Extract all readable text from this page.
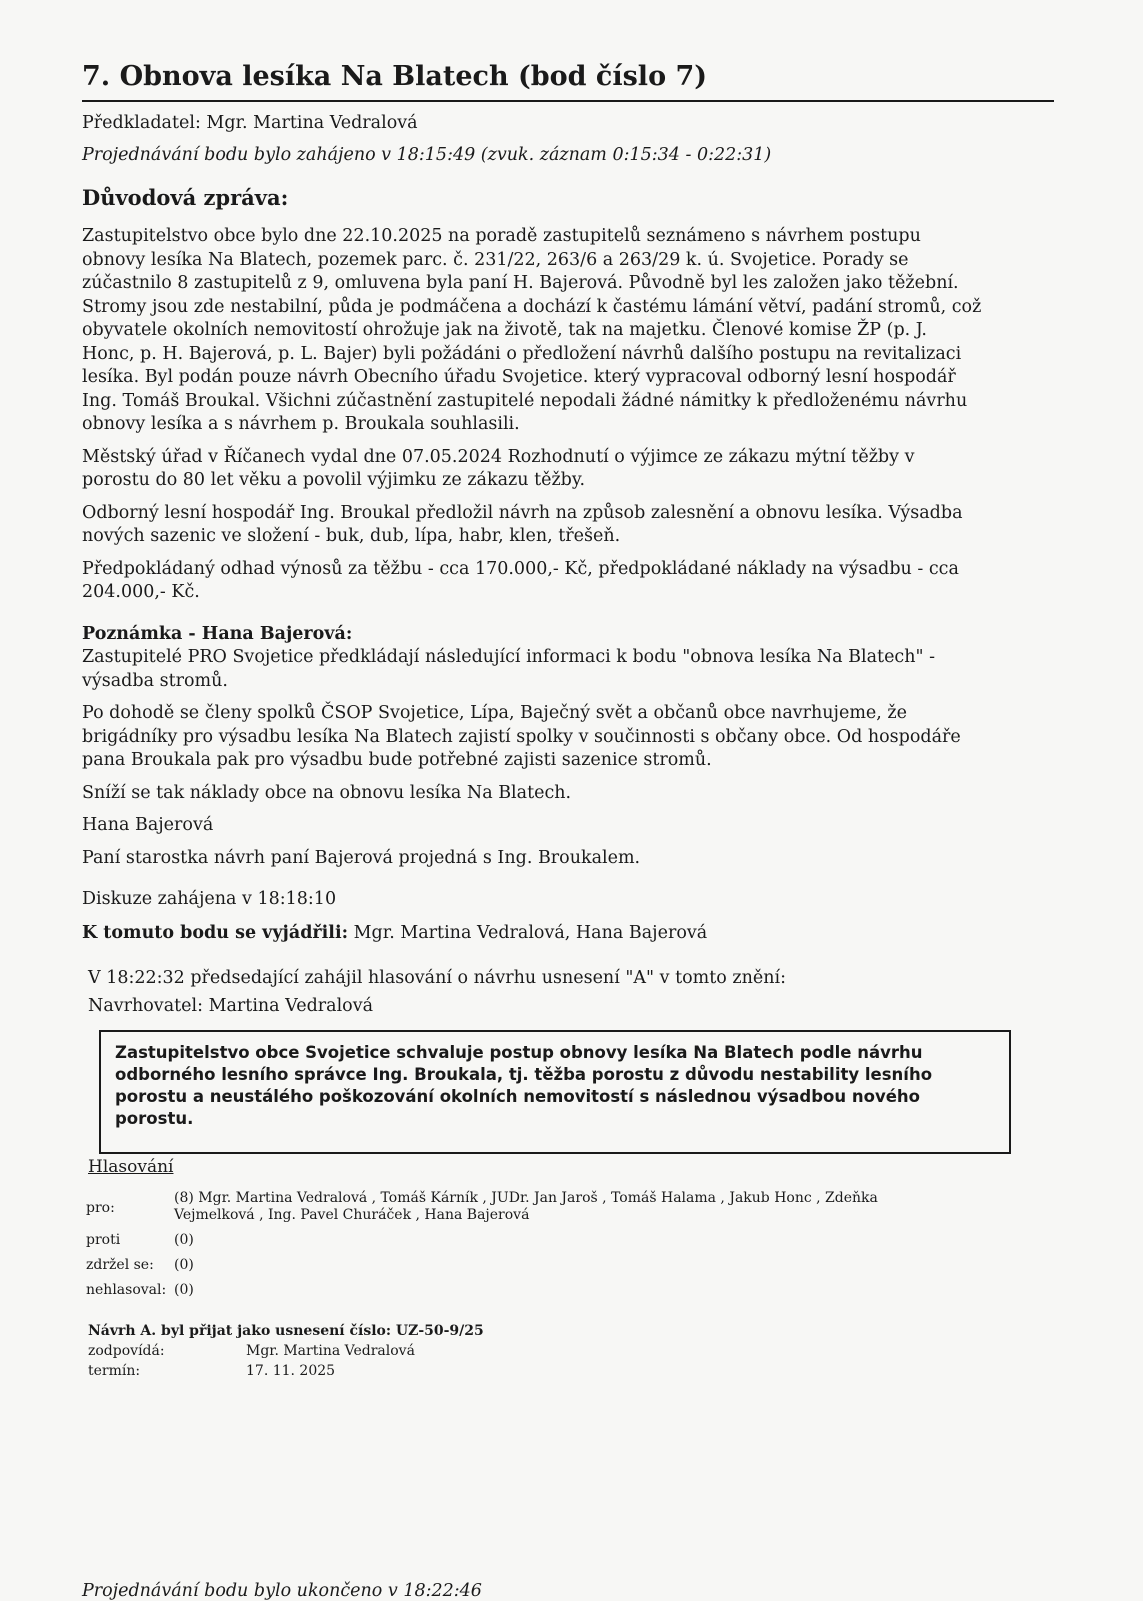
7. Obnova lesíka Na Blatech (bod číslo 7)

Předkladatel: Mgr. Martina Vedralová

Projednávání bodu bylo zahájeno v 18:15:49 (zvuk. záznam 0:15:34 - 0:22:31)

Důvodová zpráva:
Zastupitelstvo obce bylo dne 22.10.2025 na poradě zastupitelů seznámeno s návrhem postupu
obnovy lesíka Na Blatech, pozemek parc. č. 231/22, 263/6 a 263/29 k. ú. Svojetice. Porady se
zúčastnilo 8 zastupitelů z 9, omluvena byla paní H. Bajerová. Původně byl les založen jako těžební.
Stromy jsou zde nestabilní, půda je podmáčena a dochází k častému lámání větví, padání stromů, což
obyvatele okolních nemovitostí ohrožuje jak na životě, tak na majetku. Členové komise ŽP (p. J.
Honc, p. H. Bajerová, p. L. Bajer) byli požádáni o předložení návrhů dalšího postupu na revitalizaci
lesíka. Byl podán pouze návrh Obecního úřadu Svojetice. který vypracoval odborný lesní hospodář
Ing. Tomáš Broukal. Všichni zúčastnění zastupitelé nepodali žádné námitky k předloženému návrhu
obnovy lesíka a s návrhem p. Broukala souhlasili.
Městský úřad v Říčanech vydal dne 07.05.2024 Rozhodnutí o výjimce ze zákazu mýtní těžby v
porostu do 80 let věku a povolil výjimku ze zákazu těžby.
Odborný lesní hospodář Ing. Broukal předložil návrh na způsob zalesnění a obnovu lesíka. Výsadba
nových sazenic ve složení - buk, dub, lípa, habr, klen, třešeň.
Předpokládaný odhad výnosů za těžbu - cca 170.000,- Kč, předpokládané náklady na výsadbu - cca
204.000,- Kč.
Poznámka - Hana Bajerová:
Zastupitelé PRO Svojetice předkládají následující informaci k bodu "obnova lesíka Na Blatech" -
výsadba stromů.
Po dohodě se členy spolků ČSOP Svojetice, Lípa, Baječný svět a občanů obce navrhujeme, že
brigádníky pro výsadbu lesíka Na Blatech zajistí spolky v součinnosti s občany obce. Od hospodáře
pana Broukala pak pro výsadbu bude potřebné zajisti sazenice stromů.
Sníží se tak náklady obce na obnovu lesíka Na Blatech.
Hana Bajerová
Paní starostka návrh paní Bajerová projedná s Ing. Broukalem.

Diskuze zahájena v 18:18:10

K tomuto bodu se vyjádřili: Mgr. Martina Vedralová, Hana Bajerová

V 18:22:32 předsedající zahájil hlasování o návrhu usnesení "A" v tomto znění:

Navrhovatel: Martina Vedralová

Zastupitelstvo obce Svojetice schvaluje postup obnovy lesíka Na Blatech podle návrhu
odborného lesního správce Ing. Broukala, tj. těžba porostu z důvodu nestability lesního
porostu a neustálého poškozování okolních nemovitostí s následnou výsadbou nového
porostu.
Hlasování
pro:	(8) Mgr. Martina Vedralová , Tomáš Kárník , JUDr. Jan Jaroš , Tomáš Halama , Jakub Honc , Zdeňka
Vejmelková , Ing. Pavel Churáček , Hana Bajerová

proti	(0)

zdržel se:	(0)

nehlasoval:	(0)
Návrh A. byl přijat jako usnesení číslo: UZ-50-9/25
zodpovídá:	Mgr. Martina Vedralová
termín:	17. 11. 2025

Projednávání bodu bylo ukončeno v 18:22:46
